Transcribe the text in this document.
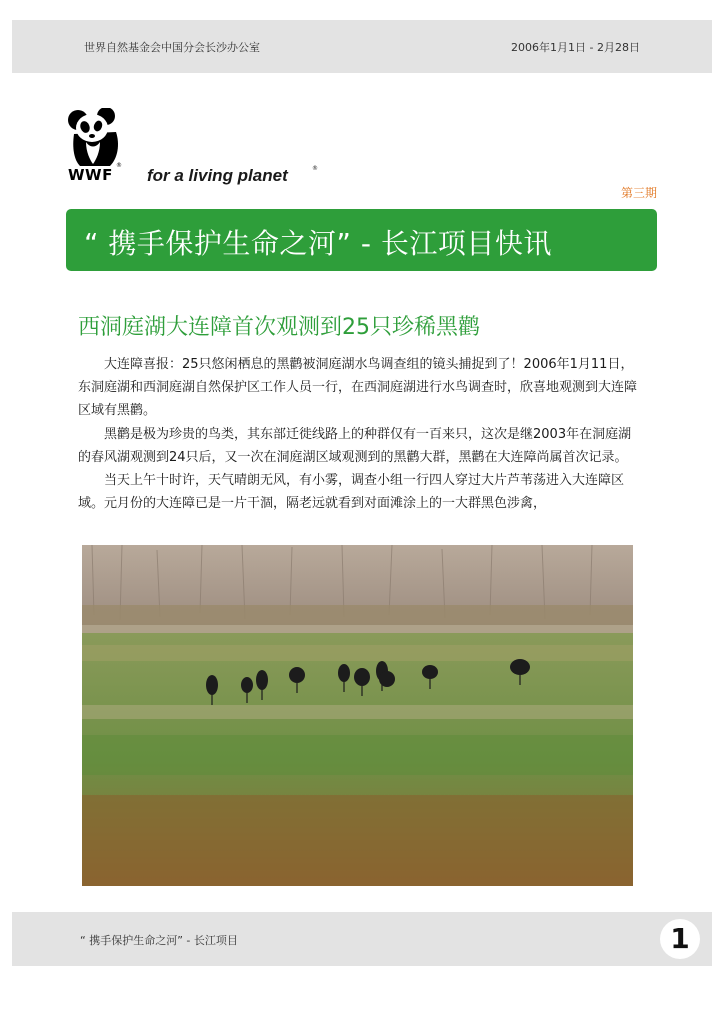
世界自然基金会中国分会长沙办公室	2006年1月1日 - 2月28日
WWF
®
for a living planet	®
第三期
“ 携手保护生命之河” - 长江项目快讯
西洞庭湖大连障首次观测到25只珍稀黑鹳

大连障喜报：25只悠闲栖息的黑鹳被洞庭湖水鸟调查组的镜头捕捉到了！2006年1月11日，东洞庭湖和西洞庭湖自然保护区工作人员一行，在西洞庭湖进行水鸟调查时，欣喜地观测到大连障区域有黑鹳。

黑鹳是极为珍贵的鸟类，其东部迁徙线路上的种群仅有一百来只，这次是继2003年在洞庭湖的春风湖观测到24只后，又一次在洞庭湖区域观测到的黑鹳大群，黑鹳在大连障尚属首次记录。

当天上午十时许，天气晴朗无风，有小雾，调查小组一行四人穿过大片芦苇荡进入大连障区域。元月份的大连障已是一片干涸，隔老远就看到对面滩涂上的一大群黑色涉禽，

“ 携手保护生命之河” - 长江项目	1
